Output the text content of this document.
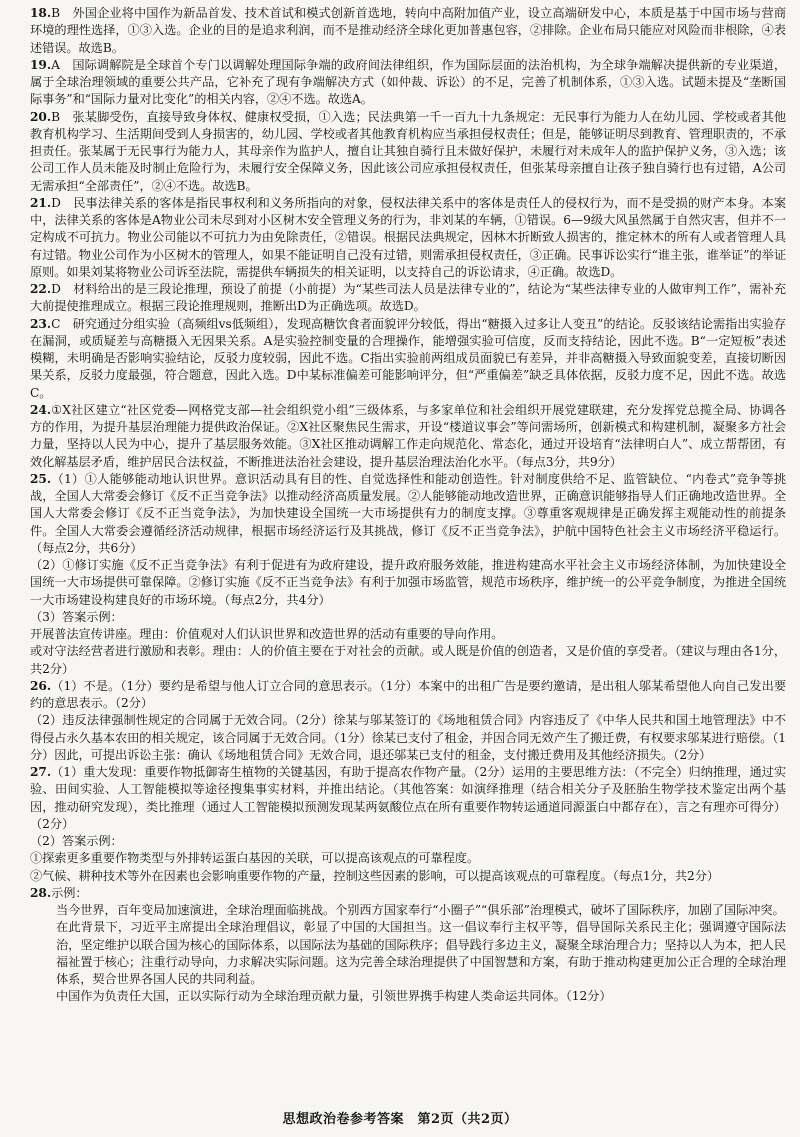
18.B　 外国企业将中国作为新品首发、技术首试和模式创新首选地，转向中高附加值产业，设立高端研发中心，本质是基于中国市场与营商环境的理性选择，①③入选。企业的目的是追求利润，而不是推动经济全球化更加普惠包容，②排除。企业布局只能应对风险而非根除，④表述错误。故选B。
19.A　 国际调解院是全球首个专门以调解处理国际争端的政府间法律组织，作为国际层面的法治机构，为全球争端解决提供新的专业渠道，属于全球治理领域的重要公共产品，它补充了现有争端解决方式（如仲裁、诉讼）的不足，完善了机制体系，①③入选。试题未提及“垄断国际事务”和“国际力量对比变化”的相关内容，②④不选。故选A。
20.B　 张某脚受伤，直接导致身体权、健康权受损，①入选；民法典第一千一百九十九条规定：无民事行为能力人在幼儿园、学校或者其他教育机构学习、生活期间受到人身损害的，幼儿园、学校或者其他教育机构应当承担侵权责任；但是，能够证明尽到教育、管理职责的，不承担责任。张某属于无民事行为能力人，其母亲作为监护人，擅自让其独自骑行且未做好保护，未履行对未成年人的监护保护义务，③入选；该公司工作人员未能及时制止危险行为，未履行安全保障义务，因此该公司应承担侵权责任，但张某母亲擅自让孩子独自骑行也有过错，A公司无需承担“全部责任”，②④不选。故选B。
21.D　 民事法律关系的客体是指民事权利和义务所指向的对象，侵权法律关系中的客体是责任人的侵权行为，而不是受损的财产本身。本案中，法律关系的客体是A物业公司未尽到对小区树木安全管理义务的行为，非刘某的车辆，①错误。6—9级大风虽然属于自然灾害，但并不一定构成不可抗力。物业公司能以不可抗力为由免除责任，②错误。根据民法典规定，因林木折断致人损害的，推定林木的所有人或者管理人具有过错。物业公司作为小区树木的管理人，如果不能证明自己没有过错，则需承担侵权责任，③正确。民事诉讼实行“谁主张，谁举证”的举证原则。如果刘某将物业公司诉至法院，需提供车辆损失的相关证明，以支持自己的诉讼请求，④正确。故选D。
22.D　 材料给出的是三段论推理，预设了前提（小前提）为“某些司法人员是法律专业的”，结论为“某些法律专业的人做审判工作”，需补充大前提使推理成立。根据三段论推理规则，推断出D为正确选项。故选D。
23.C　 研究通过分组实验（高频组vs低频组），发现高糖饮食者面貌评分较低，得出“糖摄入过多让人变丑”的结论。反驳该结论需指出实验存在漏洞，或质疑差与高糖摄入无因果关系。A是实验控制变量的合理操作，能增强实验可信度，反而支持结论，因此不选。B“一定短板”表述模糊，未明确是否影响实验结论，反驳力度较弱，因此不选。C指出实验前两组成员面貌已有差异，并非高糖摄入导致面貌变差，直接切断因果关系，反驳力度最强，符合题意，因此入选。D中某标准偏差可能影响评分，但“严重偏差”缺乏具体依据，反驳力度不足，因此不选。故选C。
24.①X社区建立“社区党委—网格党支部—社会组织党小组”三级体系，与多家单位和社会组织开展党建联建，充分发挥党总揽全局、协调各方的作用，为提升基层治理能力提供政治保证。②X社区聚焦民生需求，开设“楼道议事会”等问需场所，创新模式和构建机制，凝聚多方社会力量，坚持以人民为中心，提升了基层服务效能。③X社区推动调解工作走向规范化、常态化，通过开设培育“法律明白人”、成立帮帮团，有效化解基层矛盾，维护居民合法权益，不断推进法治社会建设，提升基层治理法治化水平。（每点3分，共9分）
25.（1）①人能够能动地认识世界。意识活动具有目的性、自觉选择性和能动创造性。针对制度供给不足、监管缺位、“内卷式”竞争等挑战，全国人大常委会修订《反不正当竞争法》以推动经济高质量发展。②人能够能动地改造世界，正确意识能够指导人们正确地改造世界。全国人大常委会修订《反不正当竞争法》，为加快建设全国统一大市场提供有力的制度支撑。③尊重客观规律是正确发挥主观能动性的前提条件。全国人大常委会遵循经济活动规律，根据市场经济运行及其挑战，修订《反不正当竞争法》，护航中国特色社会主义市场经济平稳运行。（每点2分，共6分）
（2）①修订实施《反不正当竞争法》有利于促进有为政府建设，提升政府服务效能，推进构建高水平社会主义市场经济体制，为加快建设全国统一大市场提供可靠保障。②修订实施《反不正当竞争法》有利于加强市场监管，规范市场秩序，维护统一的公平竞争制度，为推进全国统一大市场建设构建良好的市场环境。（每点2分，共4分）
（3）答案示例：
开展普法宣传讲座。理由：价值观对人们认识世界和改造世界的活动有重要的导向作用。
或对守法经营者进行激励和表彰。理由：人的价值主要在于对社会的贡献。或人既是价值的创造者，又是价值的享受者。（建议与理由各1分，共2分）
26.（1）不是。（1分）要约是希望与他人订立合同的意思表示。（1分）本案中的出租广告是要约邀请，是出租人邬某希望他人向自己发出要约的意思表示。（2分）
（2）违反法律强制性规定的合同属于无效合同。（2分）徐某与邬某签订的《场地租赁合同》内容违反了《中华人民共和国土地管理法》中不得侵占永久基本农田的相关规定，该合同属于无效合同。（1分）徐某已支付了租金，并因合同无效产生了搬迁费，有权要求邬某进行赔偿。（1分）因此，可提出诉讼主张：确认《场地租赁合同》无效合同，退还邬某已支付的租金，支付搬迁费用及其他经济损失。（2分）
27.（1）重大发现：重要作物抵御寄生植物的关键基因，有助于提高农作物产量。（2分）运用的主要思维方法：（不完全）归纳推理，通过实验、田间实验、人工智能模拟等途径搜集事实材料，并推出结论。（其他答案：如演绎推理（结合相关分子及胚胎生物学技术鉴定出两个基因，推动研究发现），类比推理（通过人工智能模拟预测发现某两氨酸位点在所有重要作物转运通道同源蛋白中都存在），言之有理亦可得分）（2分）
（2）答案示例：
①探索更多重要作物类型与外排转运蛋白基因的关联，可以提高该观点的可靠程度。
②气候、耕种技术等外在因素也会影响重要作物的产量，控制这些因素的影响，可以提高该观点的可靠程度。（每点1分，共2分）
28.示例：
当今世界，百年变局加速演进，全球治理面临挑战。个别西方国家奉行“小圈子”“俱乐部”治理模式，破坏了国际秩序，加剧了国际冲突。
在此背景下，习近平主席提出全球治理倡议，彰显了中国的大国担当。这一倡议奉行主权平等，倡导国际关系民主化；强调遵守国际法治，坚定维护以联合国为核心的国际体系，以国际法为基础的国际秩序；倡导践行多边主义，凝聚全球治理合力；坚持以人为本，把人民福祉置于核心；注重行动导向，力求解决实际问题。这为完善全球治理提供了中国智慧和方案，有助于推动构建更加公正合理的全球治理体系，契合世界各国人民的共同利益。
中国作为负责任大国，正以实际行动为全球治理贡献力量，引领世界携手构建人类命运共同体。（12分）
思想政治卷参考答案　第2页（共2页）
